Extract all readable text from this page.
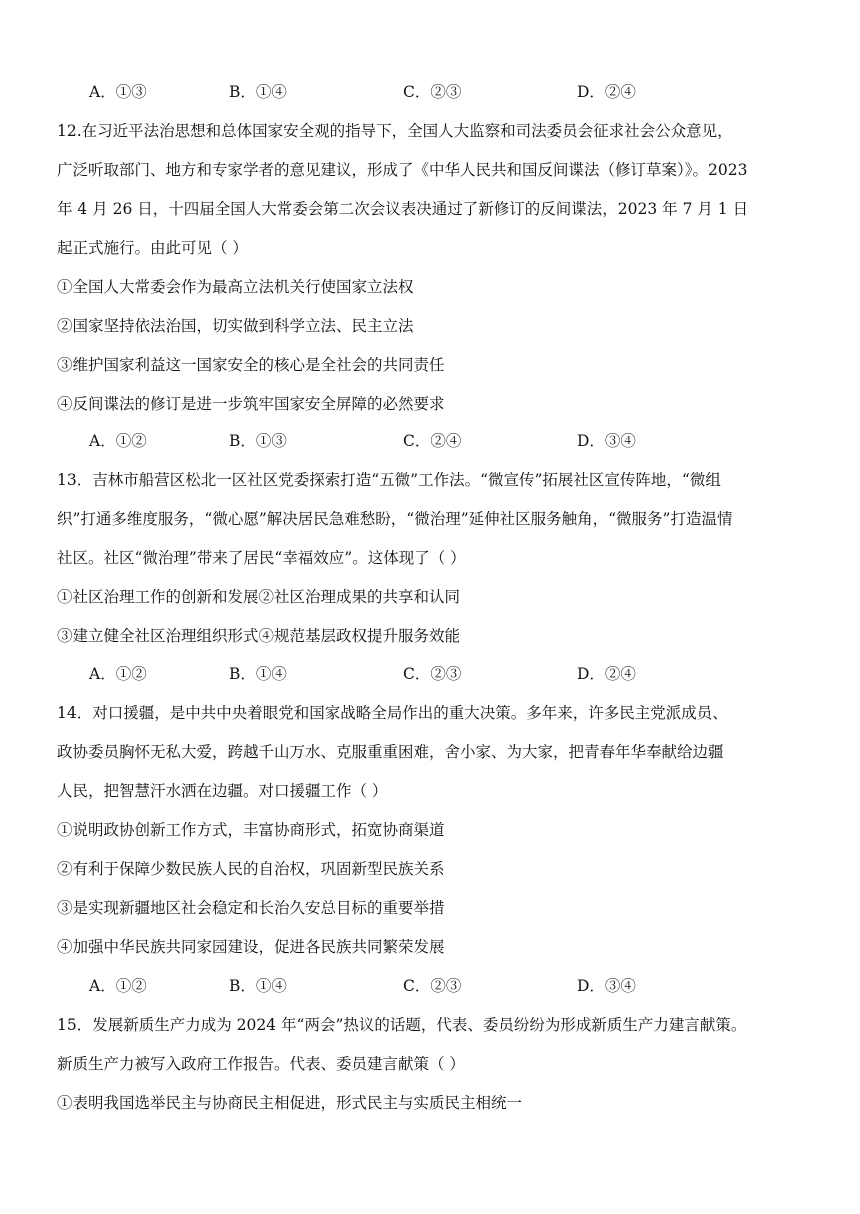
A．①③	B．①④	C．②③	D．②④
12.在习近平法治思想和总体国家安全观的指导下，全国人大监察和司法委员会征求社会公众意见，
广泛听取部门、地方和专家学者的意见建议，形成了《中华人民共和国反间谍法（修订草案）》。2023
年 4 月 26 日，十四届全国人大常委会第二次会议表决通过了新修订的反间谍法，2023 年 7 月 1 日
起正式施行。由此可见（ ）
①全国人大常委会作为最高立法机关行使国家立法权
②国家坚持依法治国，切实做到科学立法、民主立法
③维护国家利益这一国家安全的核心是全社会的共同责任
④反间谍法的修订是进一步筑牢国家安全屏障的必然要求
A．①②	B．①③	C．②④	D．③④
13．吉林市船营区松北一区社区党委探索打造“五微”工作法。“微宣传”拓展社区宣传阵地，“微组
织”打通多维度服务，“微心愿”解决居民急难愁盼，“微治理”延伸社区服务触角，“微服务”打造温情
社区。社区“微治理”带来了居民“幸福效应”。这体现了（ ）
①社区治理工作的创新和发展②社区治理成果的共享和认同
③建立健全社区治理组织形式④规范基层政权提升服务效能
A．①②	B．①④	C．②③	D．②④
14．对口援疆，是中共中央着眼党和国家战略全局作出的重大决策。多年来，许多民主党派成员、
政协委员胸怀无私大爱，跨越千山万水、克服重重困难，舍小家、为大家，把青春年华奉献给边疆
人民，把智慧汗水洒在边疆。对口援疆工作（ ）
①说明政协创新工作方式，丰富协商形式，拓宽协商渠道
②有利于保障少数民族人民的自治权，巩固新型民族关系
③是实现新疆地区社会稳定和长治久安总目标的重要举措
④加强中华民族共同家园建设，促进各民族共同繁荣发展
A．①②	B．①④	C．②③	D．③④
15．发展新质生产力成为 2024 年“两会”热议的话题，代表、委员纷纷为形成新质生产力建言献策。
新质生产力被写入政府工作报告。代表、委员建言献策（ ）
①表明我国选举民主与协商民主相促进，形式民主与实质民主相统一
